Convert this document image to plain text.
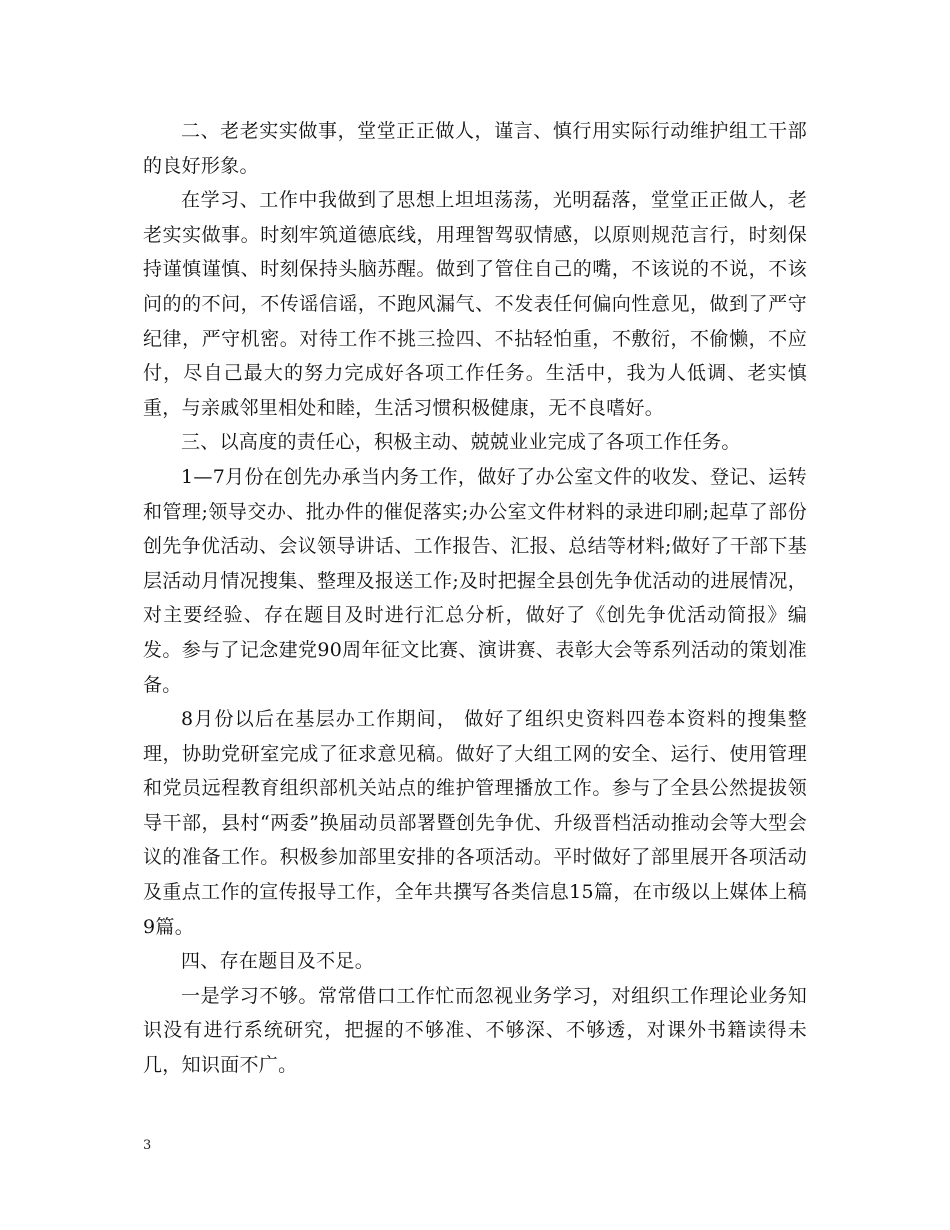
二、老老实实做事，堂堂正正做人，谨言、慎行用实际行动维护组工干部的良好形象。

在学习、工作中我做到了思想上坦坦荡荡，光明磊落，堂堂正正做人，老老实实做事。时刻牢筑道德底线，用理智驾驭情感，以原则规范言行，时刻保持谨慎谨慎、时刻保持头脑苏醒。做到了管住自己的嘴，不该说的不说，不该问的的不问，不传谣信谣，不跑风漏气、不发表任何偏向性意见，做到了严守纪律，严守机密。对待工作不挑三捡四、不拈轻怕重，不敷衍，不偷懒，不应付，尽自己最大的努力完成好各项工作任务。生活中，我为人低调、老实慎重，与亲戚邻里相处和睦，生活习惯积极健康，无不良嗜好。

三、以高度的责任心，积极主动、兢兢业业完成了各项工作任务。

1—7月份在创先办承当内务工作，做好了办公室文件的收发、登记、运转和管理;领导交办、批办件的催促落实;办公室文件材料的录进印刷;起草了部份创先争优活动、会议领导讲话、工作报告、汇报、总结等材料;做好了干部下基层活动月情况搜集、整理及报送工作;及时把握全县创先争优活动的进展情况，对主要经验、存在题目及时进行汇总分析，做好了《创先争优活动简报》编发。参与了记念建党90周年征文比赛、演讲赛、表彰大会等系列活动的策划准备。

8月份以后在基层办工作期间， 做好了组织史资料四卷本资料的搜集整理，协助党研室完成了征求意见稿。做好了大组工网的安全、运行、使用管理和党员远程教育组织部机关站点的维护管理播放工作。参与了全县公然提拔领导干部，县村“两委”换届动员部署暨创先争优、升级晋档活动推动会等大型会议的准备工作。积极参加部里安排的各项活动。平时做好了部里展开各项活动及重点工作的宣传报导工作，全年共撰写各类信息15篇，在市级以上媒体上稿9篇。

四、存在题目及不足。

一是学习不够。常常借口工作忙而忽视业务学习，对组织工作理论业务知识没有进行系统研究，把握的不够准、不够深、不够透，对课外书籍读得未几，知识面不广。

3
